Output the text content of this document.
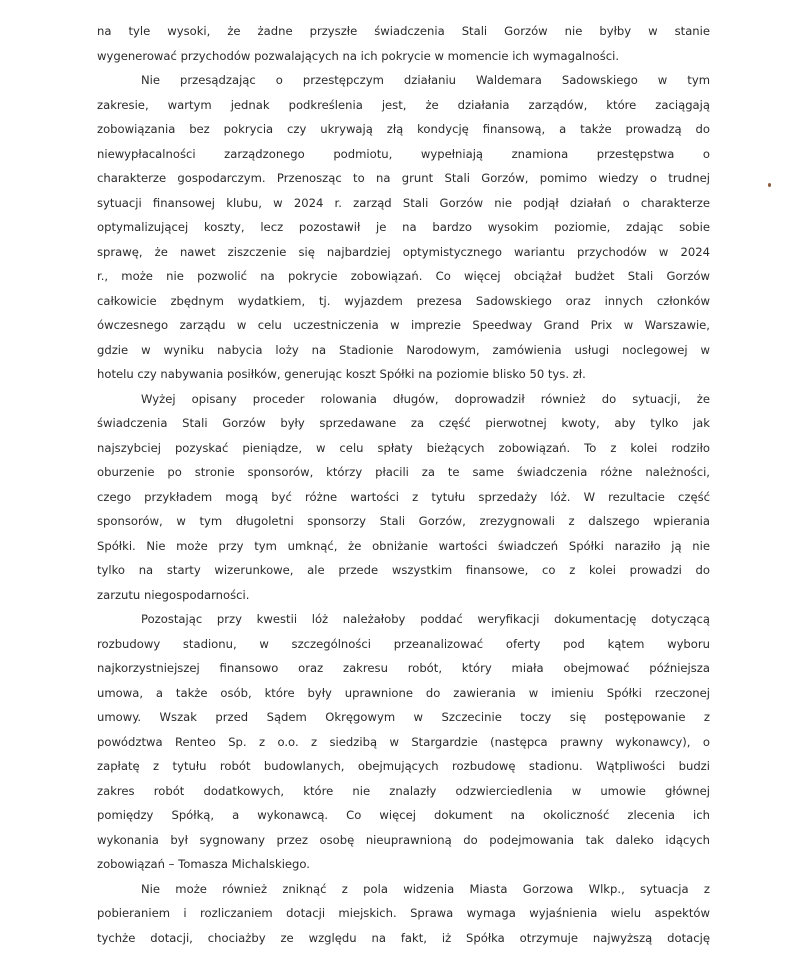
na tyle wysoki, że żadne przyszłe świadczenia Stali Gorzów nie byłby w stanie
wygenerować przychodów pozwalających na ich pokrycie w momencie ich wymagalności.
Nie przesądzając o przestępczym działaniu Waldemara Sadowskiego w tym
zakresie, wartym jednak podkreślenia jest, że działania zarządów, które zaciągają
zobowiązania bez pokrycia czy ukrywają złą kondycję finansową, a także prowadzą do
niewypłacalności zarządzonego podmiotu, wypełniają znamiona przestępstwa o
charakterze gospodarczym. Przenosząc to na grunt Stali Gorzów, pomimo wiedzy o trudnej
sytuacji finansowej klubu, w 2024 r. zarząd Stali Gorzów nie podjął działań o charakterze
optymalizującej koszty, lecz pozostawił je na bardzo wysokim poziomie, zdając sobie
sprawę, że nawet ziszczenie się najbardziej optymistycznego wariantu przychodów w 2024
r., może nie pozwolić na pokrycie zobowiązań. Co więcej obciążał budżet Stali Gorzów
całkowicie zbędnym wydatkiem, tj. wyjazdem prezesa Sadowskiego oraz innych członków
ówczesnego zarządu w celu uczestniczenia w imprezie Speedway Grand Prix w Warszawie,
gdzie w wyniku nabycia loży na Stadionie Narodowym, zamówienia usługi noclegowej w
hotelu czy nabywania posiłków, generując koszt Spółki na poziomie blisko 50 tys. zł.
Wyżej opisany proceder rolowania długów, doprowadził również do sytuacji, że
świadczenia Stali Gorzów były sprzedawane za część pierwotnej kwoty, aby tylko jak
najszybciej pozyskać pieniądze, w celu spłaty bieżących zobowiązań. To z kolei rodziło
oburzenie po stronie sponsorów, którzy płacili za te same świadczenia różne należności,
czego przykładem mogą być różne wartości z tytułu sprzedaży lóż. W rezultacie część
sponsorów, w tym długoletni sponsorzy Stali Gorzów, zrezygnowali z dalszego wpierania
Spółki. Nie może przy tym umknąć, że obniżanie wartości świadczeń Spółki naraziło ją nie
tylko na starty wizerunkowe, ale przede wszystkim finansowe, co z kolei prowadzi do
zarzutu niegospodarności.
Pozostając przy kwestii lóż należałoby poddać weryfikacji dokumentację dotyczącą
rozbudowy stadionu, w szczególności przeanalizować oferty pod kątem wyboru
najkorzystniejszej finansowo oraz zakresu robót, który miała obejmować późniejsza
umowa, a także osób, które były uprawnione do zawierania w imieniu Spółki rzeczonej
umowy. Wszak przed Sądem Okręgowym w Szczecinie toczy się postępowanie z
powództwa Renteo Sp. z o.o. z siedzibą w Stargardzie (następca prawny wykonawcy), o
zapłatę z tytułu robót budowlanych, obejmujących rozbudowę stadionu. Wątpliwości budzi
zakres robót dodatkowych, które nie znalazły odzwierciedlenia w umowie głównej
pomiędzy Spółką, a wykonawcą. Co więcej dokument na okoliczność zlecenia ich
wykonania był sygnowany przez osobę nieuprawnioną do podejmowania tak daleko idących
zobowiązań – Tomasza Michalskiego.
Nie może również zniknąć z pola widzenia Miasta Gorzowa Wlkp., sytuacja z
pobieraniem i rozliczaniem dotacji miejskich. Sprawa wymaga wyjaśnienia wielu aspektów
tychże dotacji, chociażby ze względu na fakt, iż Spółka otrzymuje najwyższą dotację
